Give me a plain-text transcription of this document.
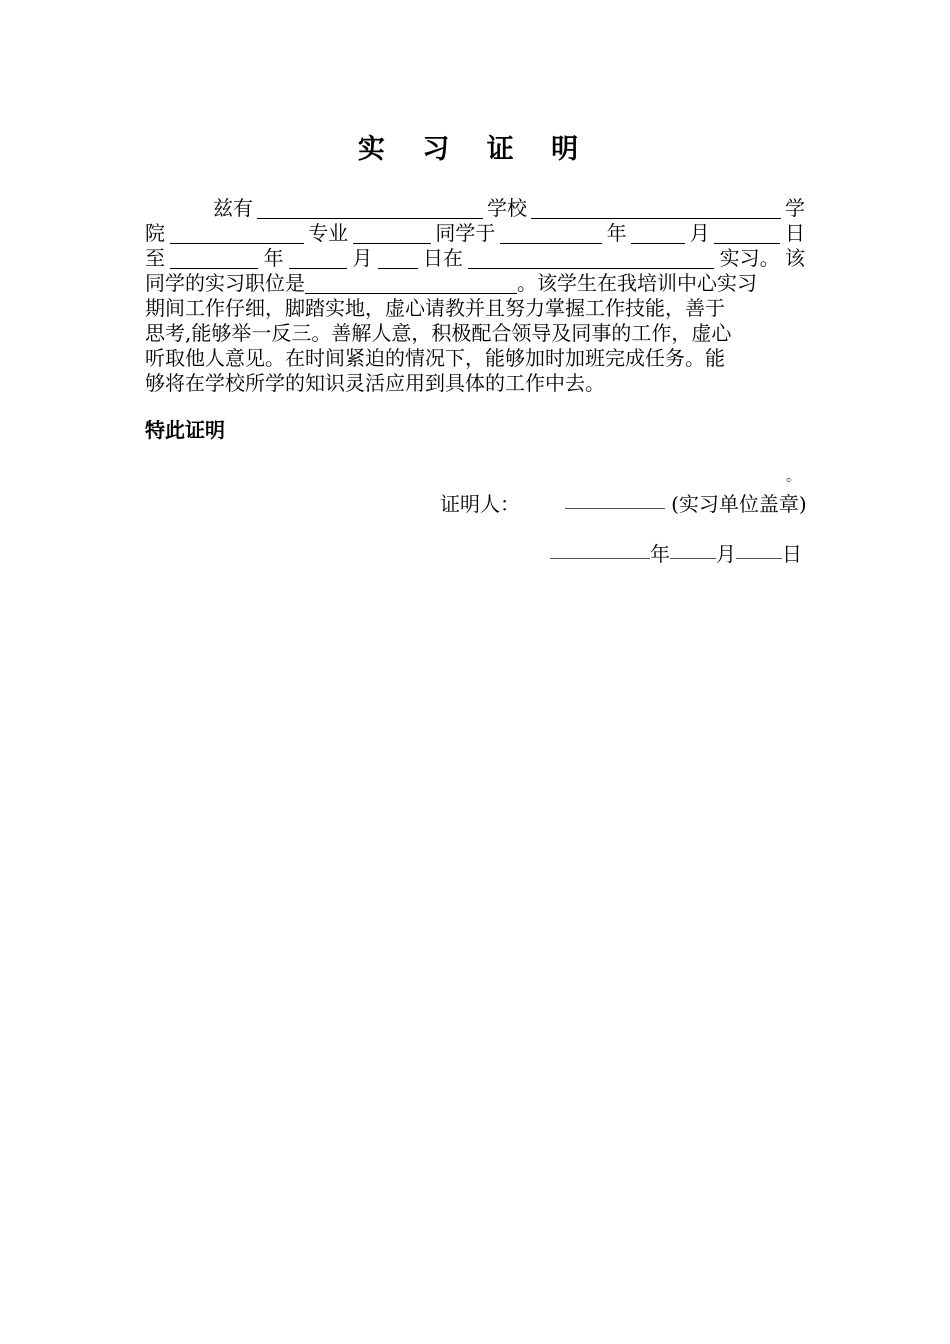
实 习 证 明
兹有	学校	学
院	专业	同学于	年	月	日
至	年	月	日在	实习。 该
同学的实习职位是	。该学生在我培训中心实习
期间工作仔细，脚踏实地，虚心请教并且努力掌握工作技能，善于
思考,能够举一反三。善解人意，积极配合领导及同事的工作，虚心
听取他人意见。在时间紧迫的情况下，能够加时加班完成任务。能
够将在学校所学的知识灵活应用到具体的工作中去。
特此证明
。
证明人：	(实习单位盖章)
年 月 日
